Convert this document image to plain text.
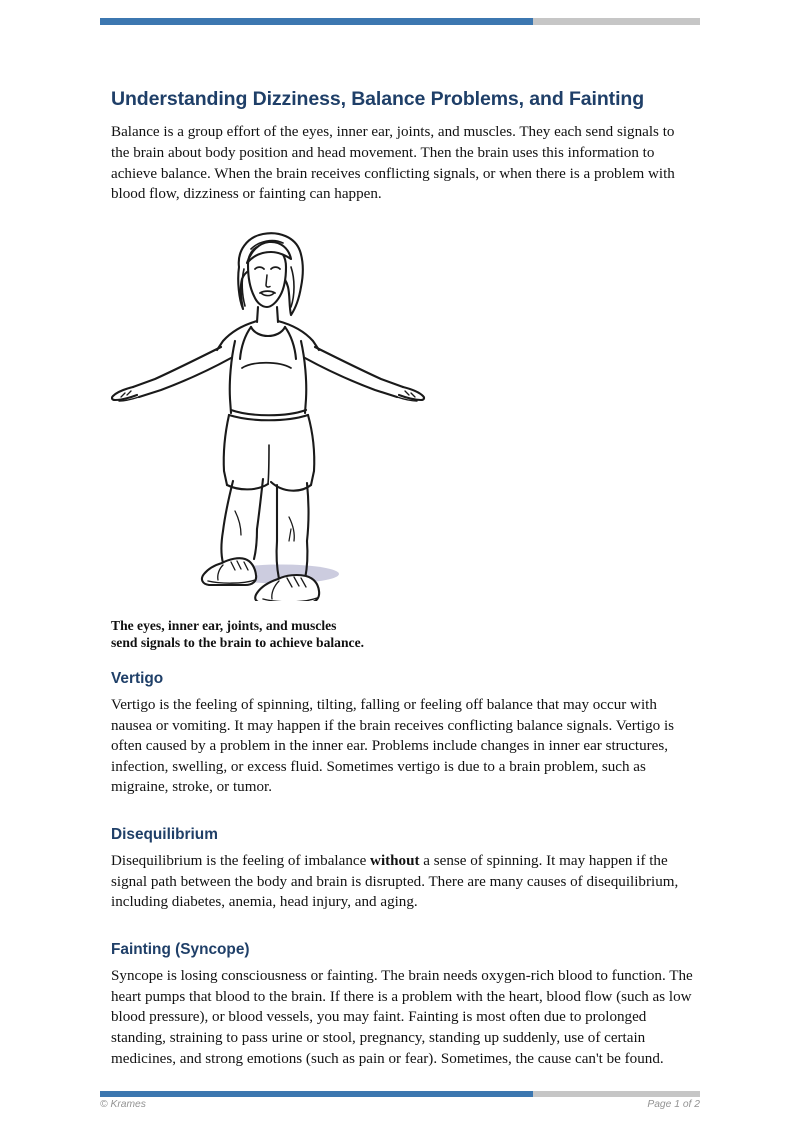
Understanding Dizziness, Balance Problems, and Fainting

Balance is a group effort of the eyes, inner ear, joints, and muscles. They each send signals to the brain about body position and head movement. Then the brain uses this information to achieve balance. When the brain receives conflicting signals, or when there is a problem with blood flow, dizziness or fainting can happen.

The eyes, inner ear, joints, and muscles
send signals to the brain to achieve balance.
Vertigo

Vertigo is the feeling of spinning, tilting, falling or feeling off balance that may occur with nausea or vomiting. It may happen if the brain receives conflicting balance signals. Vertigo is often caused by a problem in the inner ear. Problems include changes in inner ear structures, infection, swelling, or excess fluid. Sometimes vertigo is due to a brain problem, such as migraine, stroke, or tumor.

Disequilibrium

Disequilibrium is the feeling of imbalance without a sense of spinning. It may happen if the signal path between the body and brain is disrupted. There are many causes of disequilibrium, including diabetes, anemia, head injury, and aging.

Fainting (Syncope)

Syncope is losing consciousness or fainting. The brain needs oxygen-rich blood to function. The heart pumps that blood to the brain. If there is a problem with the heart, blood flow (such as low blood pressure), or blood vessels, you may faint. Fainting is most often due to prolonged standing, straining to pass urine or stool, pregnancy, standing up suddenly, use of certain medicines, and strong emotions (such as pain or fear). Sometimes, the cause can't be found.

© Krames	Page 1 of 2
